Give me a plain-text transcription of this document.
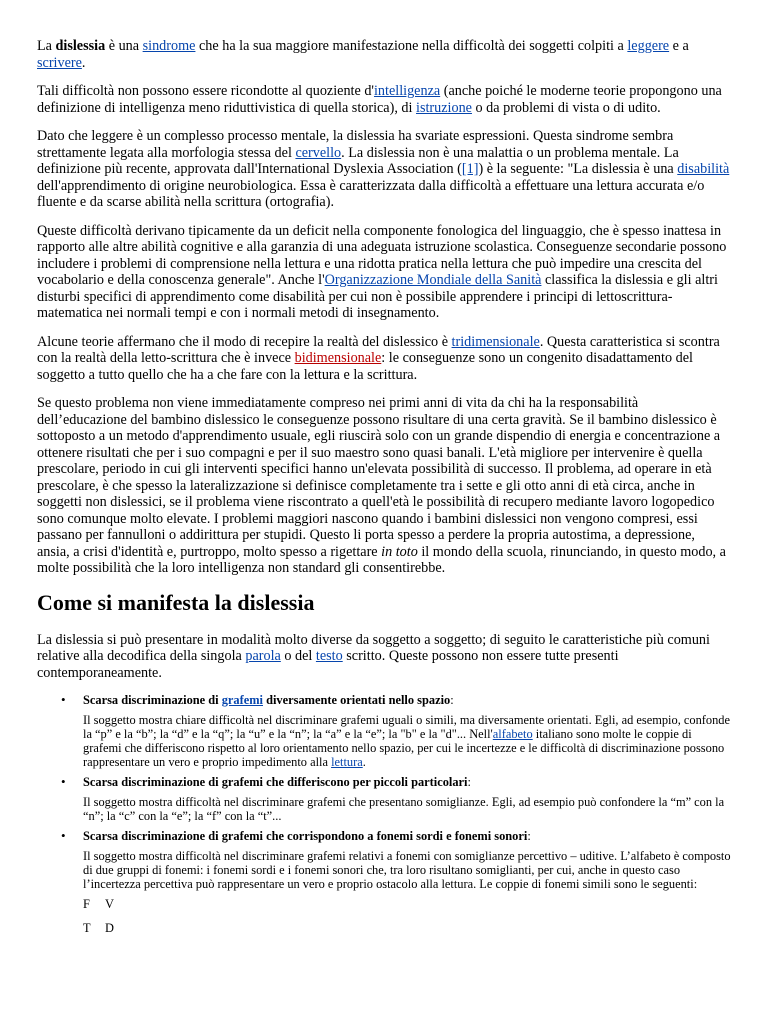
La dislessia è una sindrome che ha la sua maggiore manifestazione nella difficoltà dei soggetti colpiti a leggere e a scrivere.

Tali difficoltà non possono essere ricondotte al quoziente d'intelligenza (anche poiché le moderne teorie propongono una definizione di intelligenza meno riduttivistica di quella storica), di istruzione o da problemi di vista o di udito.

Dato che leggere è un complesso processo mentale, la dislessia ha svariate espressioni. Questa sindrome sembra strettamente legata alla morfologia stessa del cervello. La dislessia non è una malattia o un problema mentale. La definizione più recente, approvata dall'International Dyslexia Association ([1]) è la seguente: "La dislessia è una disabilità dell'apprendimento di origine neurobiologica. Essa è caratterizzata dalla difficoltà a effettuare una lettura accurata e/o fluente e da scarse abilità nella scrittura (ortografia).

Queste difficoltà derivano tipicamente da un deficit nella componente fonologica del linguaggio, che è spesso inattesa in rapporto alle altre abilità cognitive e alla garanzia di una adeguata istruzione scolastica. Conseguenze secondarie possono includere i problemi di comprensione nella lettura e una ridotta pratica nella lettura che può impedire una crescita del vocabolario e della conoscenza generale". Anche l'Organizzazione Mondiale della Sanità classifica la dislessia e gli altri disturbi specifici di apprendimento come disabilità per cui non è possibile apprendere i principi di lettoscrittura-matematica nei normali tempi e con i normali metodi di insegnamento.

Alcune teorie affermano che il modo di recepire la realtà del dislessico è tridimensionale. Questa caratteristica si scontra con la realtà della letto-scrittura che è invece bidimensionale: le conseguenze sono un congenito disadattamento del soggetto a tutto quello che ha a che fare con la lettura e la scrittura.

Se questo problema non viene immediatamente compreso nei primi anni di vita da chi ha la responsabilità dell’educazione del bambino dislessico le conseguenze possono risultare di una certa gravità. Se il bambino dislessico è sottoposto a un metodo d'apprendimento usuale, egli riuscirà solo con un grande dispendio di energia e concentrazione a ottenere risultati che per i suo compagni e per il suo maestro sono quasi banali. L'età migliore per intervenire è quella prescolare, periodo in cui gli interventi specifici hanno un'elevata possibilità di successo. Il problema, ad operare in età prescolare, è che spesso la lateralizzazione si definisce completamente tra i sette e gli otto anni di età circa, anche in soggetti non dislessici, se il problema viene riscontrato a quell'età le possibilità di recupero mediante lavoro logopedico sono comunque molto elevate. I problemi maggiori nascono quando i bambini dislessici non vengono compresi, essi passano per fannulloni o addirittura per stupidi. Questo li porta spesso a perdere la propria autostima, a depressione, ansia, a crisi d'identità e, purtroppo, molto spesso a rigettare in toto il mondo della scuola, rinunciando, in questo modo, a molte possibilità che la loro intelligenza non standard gli consentirebbe.

Come si manifesta la dislessia

La dislessia si può presentare in modalità molto diverse da soggetto a soggetto; di seguito le caratteristiche più comuni relative alla decodifica della singola parola o del testo scritto. Queste possono non essere tutte presenti contemporaneamente.

•	Scarsa discriminazione di grafemi diversamente orientati nello spazio:

Il soggetto mostra chiare difficoltà nel discriminare grafemi uguali o simili, ma diversamente orientati. Egli, ad esempio, confonde la “p” e la “b”; la “d” e la “q”; la “u” e la “n”; la “a” e la “e”; la "b" e la "d"... Nell'alfabeto italiano sono molte le coppie di grafemi che differiscono rispetto al loro orientamento nello spazio, per cui le incertezze e le difficoltà di discriminazione possono rappresentare un vero e proprio impedimento alla lettura.

•	Scarsa discriminazione di grafemi che differiscono per piccoli particolari:

Il soggetto mostra difficoltà nel discriminare grafemi che presentano somiglianze. Egli, ad esempio può confondere la “m” con la “n”; la “c” con la “e”; la “f” con la “t”...

•	Scarsa discriminazione di grafemi che corrispondono a fonemi sordi e fonemi sonori:

Il soggetto mostra difficoltà nel discriminare grafemi relativi a fonemi con somiglianze percettivo – uditive. L’alfabeto è composto di due gruppi di fonemi: i fonemi sordi e i fonemi sonori che, tra loro risultano somiglianti, per cui, anche in questo caso l’incertezza percettiva può rappresentare un vero e proprio ostacolo alla lettura. Le coppie di fonemi simili sono le seguenti:

F V
T D
